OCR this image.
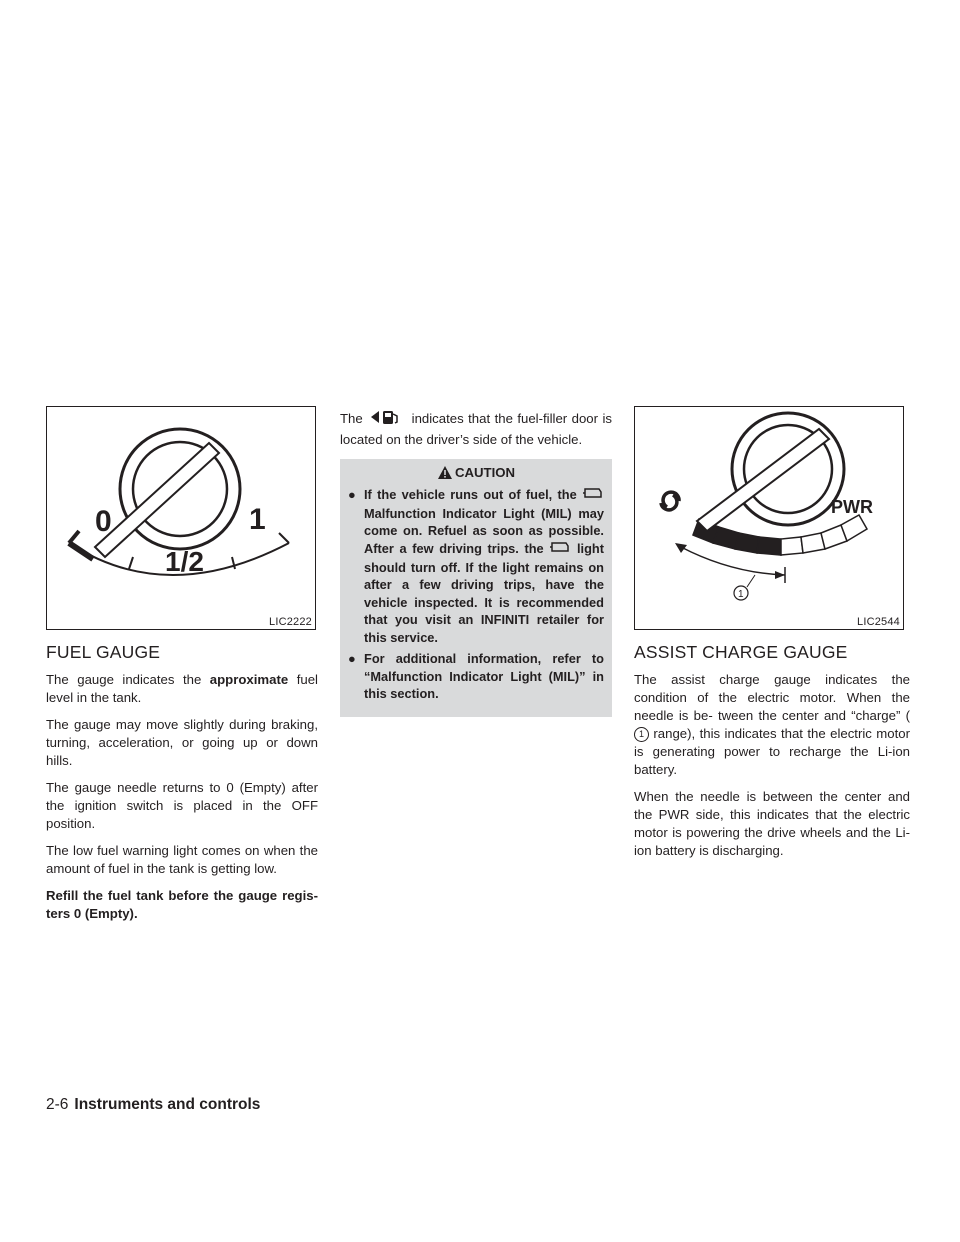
0	1
1/2
LIC2222
FUEL GAUGE

The gauge indicates the approximate fuel level in the tank.

The gauge may move slightly during braking, turning, acceleration, or going up or down hills.

The gauge needle returns to 0 (Empty) after the ignition switch is placed in the OFF position.

The low fuel warning light comes on when the amount of fuel in the tank is getting low.

Refill the fuel tank before the gauge regis- ters 0 (Empty).

The	indicates that the fuel-filler door is located on the driver’s side of the vehicle.
CAUTION
● If the vehicle runs out of fuel, the  Malfunction Indicator Light (MIL) may come on. Refuel as soon as possible. After a few driving trips. the	light should turn off. If the light remains on after a few driving trips, have the vehicle inspected. It is recommended that you visit an INFINITI retailer for this service.
● For additional information, refer to “Malfunction Indicator Light (MIL)” in this section.
PWR
1
LIC2544
ASSIST CHARGE GAUGE

The assist charge gauge indicates the condition of the electric motor. When the needle is be- tween the center and “charge” (1 range), this indicates that the electric motor is generating power to recharge the Li-ion battery.

When the needle is between the center and the PWR side, this indicates that the electric motor is powering the drive wheels and the Li-ion battery is discharging.

2-6 Instruments and controls
